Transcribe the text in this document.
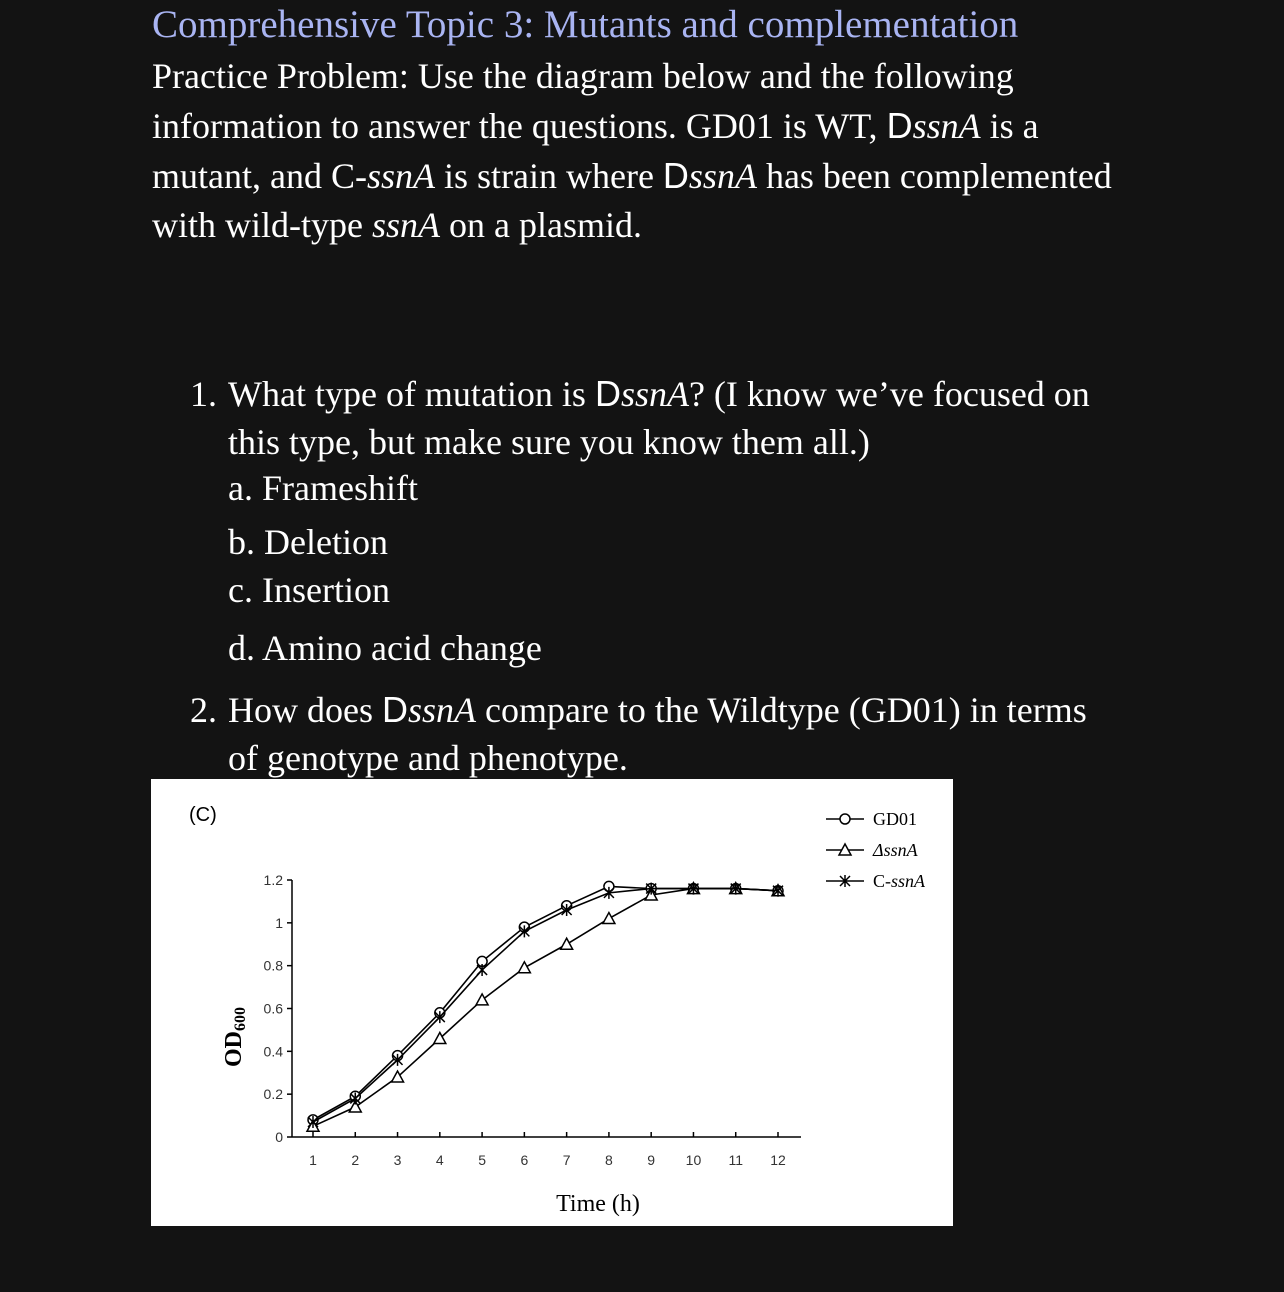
Comprehensive Topic 3: Mutants and complementation
Practice Problem: Use the diagram below and the following information to answer the questions. GD01 is WT, DssnA is a mutant, and C-ssnA is strain where DssnA has been complemented with wild-type ssnA on a plasmid.
1. What type of mutation is DssnA? (I know we’ve focused on
this type, but make sure you know them all.)
a. Frameshift
b. Deletion
c. Insertion
d. Amino acid change
2. How does DssnA compare to the Wildtype (GD01) in terms
of genotype and phenotype.
(C)
0
0.2
0.4
0.6
0.8
1
1.2
1 2 3 4 5 6 7 8 9 10 11 12
GD01
ΔssnA
C-ssnA
Time (h)
OD600
